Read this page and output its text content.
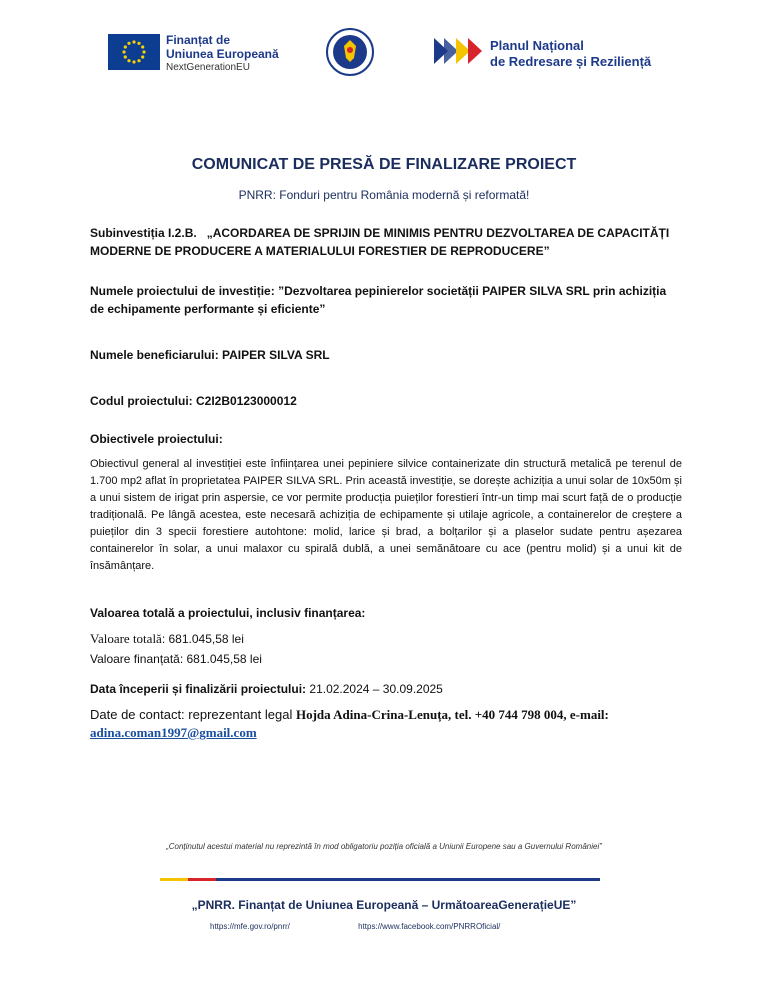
Finanțat de
Uniunea Europeană
NextGenerationEU
Planul Național
de Redresare și Reziliență
COMUNICAT DE PRESĂ DE FINALIZARE PROIECT
PNRR: Fonduri pentru România modernă și reformată!
Subinvestiția I.2.B. „ACORDAREA DE SPRIJIN DE MINIMIS PENTRU DEZVOLTAREA DE CAPACITĂȚI MODERNE DE PRODUCERE A MATERIALULUI FORESTIER DE REPRODUCERE”
Numele proiectului de investiție: ”Dezvoltarea pepinierelor societății PAIPER SILVA SRL prin achiziția de echipamente performante și eficiente”
Numele beneficiarului: PAIPER SILVA SRL
Codul proiectului: C2I2B0123000012
Obiectivele proiectului:
Obiectivul general al investiției este înființarea unei pepiniere silvice containerizate din structură metalică pe terenul de 1.700 mp2 aflat în proprietatea PAIPER SILVA SRL. Prin această investiție, se dorește achiziția a unui solar de 10x50m și a unui sistem de irigat prin aspersie, ce vor permite producția puieților forestieri într-un timp mai scurt față de o producție tradițională. Pe lângă acestea, este necesară achiziția de echipamente și utilaje agricole, a containerelor de creștere a puieților din 3 specii forestiere autohtone: molid, larice și brad, a bolțarilor și a plaselor sudate pentru așezarea containerelor în solar, a unui malaxor cu spirală dublă, a unei semănătoare cu ace (pentru molid) și a unui kit de însămânțare.
Valoarea totală a proiectului, inclusiv finanțarea:
Valoare totală: 681.045,58 lei
Valoare finanțată: 681.045,58 lei
Data începerii și finalizării proiectului: 21.02.2024 – 30.09.2025
Date de contact: reprezentant legal Hojda Adina-Crina-Lenuța, tel. +40 744 798 004, e-mail:
adina.coman1997@gmail.com
„Conținutul acestui material nu reprezintă în mod obligatoriu poziția oficială a Uniunii Europene sau a Guvernului României”
„PNRR. Finanțat de Uniunea Europeană – UrmătoareaGenerațieUE”
https://mfe.gov.ro/pnrr/	https://www.facebook.com/PNRROficial/
